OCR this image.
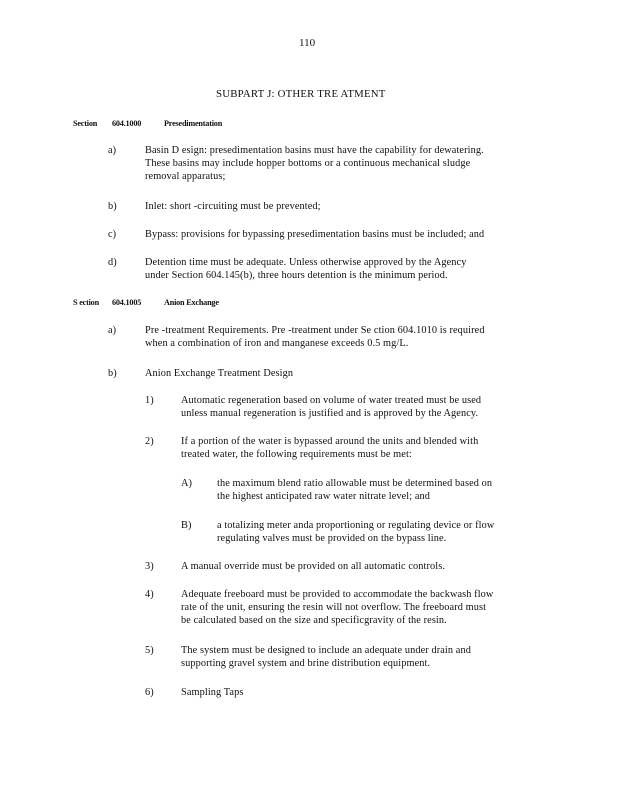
110
SUBPART J: OTHER TRE ATMENT
Section 604.1000	Presedimentation
a)	Basin D esign: presedimentation basins must have the capability for dewatering.
These basins may include hopper bottoms or a continuous mechanical sludge
removal apparatus;
b)	Inlet: short -circuiting must be prevented;
c)	Bypass: provisions for bypassing presedimentation basins must be included; and
d)	Detention time must be adequate. Unless otherwise approved by the Agency
under Section 604.145(b), three hours detention is the minimum period.
S ection 604.1005	Anion Exchange
a)	Pre -treatment Requirements. Pre -treatment under Se ction 604.1010 is required
when a combination of iron and manganese exceeds 0.5 mg/L.
b)	Anion Exchange Treatment Design
1)	Automatic regeneration based on volume of water treated must be used
unless manual regeneration is justified and is approved by the Agency.
2)	If a portion of the water is bypassed around the units and blended with
treated water, the following requirements must be met:
A) the maximum blend ratio allowable must be determined based on
the highest anticipated raw water nitrate level; and
B) a totalizing meter anda proportioning or regulating device or flow
regulating valves must be provided on the bypass line.
3)	A manual override must be provided on all automatic controls.
4)	Adequate freeboard must be provided to accommodate the backwash flow
rate of the unit, ensuring the resin will not overflow. The freeboard must
be calculated based on the size and specificgravity of the resin.
5)	The system must be designed to include an adequate under drain and
supporting gravel system and brine distribution equipment.
6)	Sampling Taps
